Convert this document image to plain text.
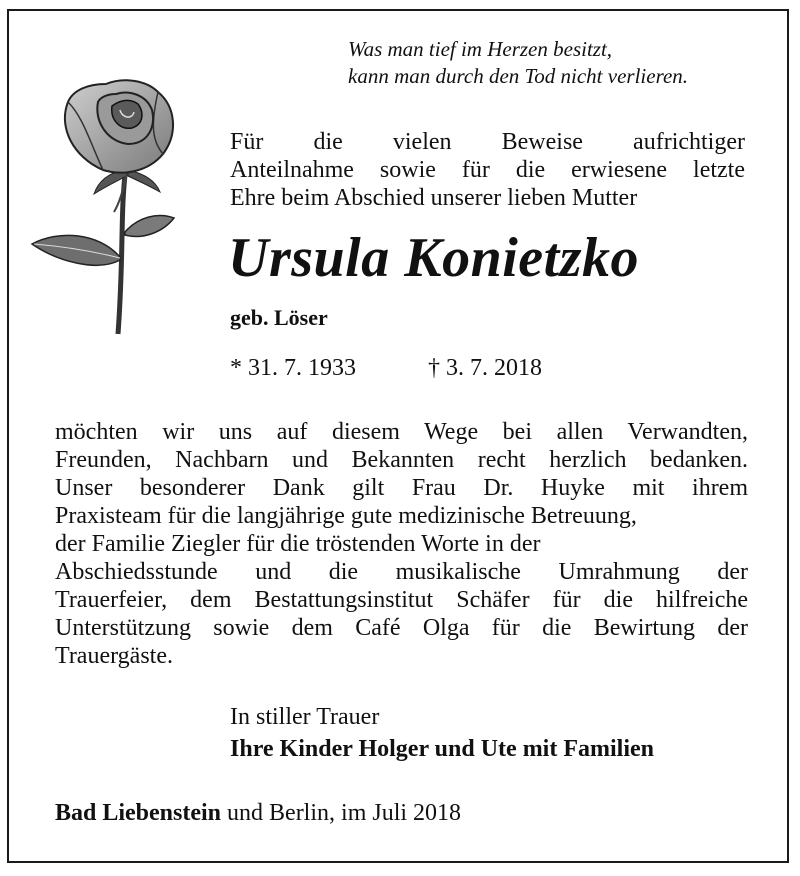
Was man tief im Herzen besitzt,
kann man durch den Tod nicht verlieren.
Für die vielen Beweise aufrichtiger
Anteilnahme sowie für die erwiesene letzte
Ehre beim Abschied unserer lieben Mutter
Ursula Konietzko
geb. Löser
* 31. 7. 1933	† 3. 7. 2018
möchten wir uns auf diesem Wege bei allen Verwandten,
Freunden, Nachbarn und Bekannten recht herzlich bedanken.
Unser besonderer Dank gilt Frau Dr. Huyke mit ihrem
Praxisteam für die langjährige gute medizinische Betreuung,
der Familie Ziegler für die tröstenden Worte in der
Abschiedsstunde und die musikalische Umrahmung der
Trauerfeier, dem Bestattungsinstitut Schäfer für die hilfreiche
Unterstützung sowie dem Café Olga für die Bewirtung der
Trauergäste.
In stiller Trauer
Ihre Kinder Holger und Ute mit Familien
Bad Liebenstein und Berlin, im Juli 2018
